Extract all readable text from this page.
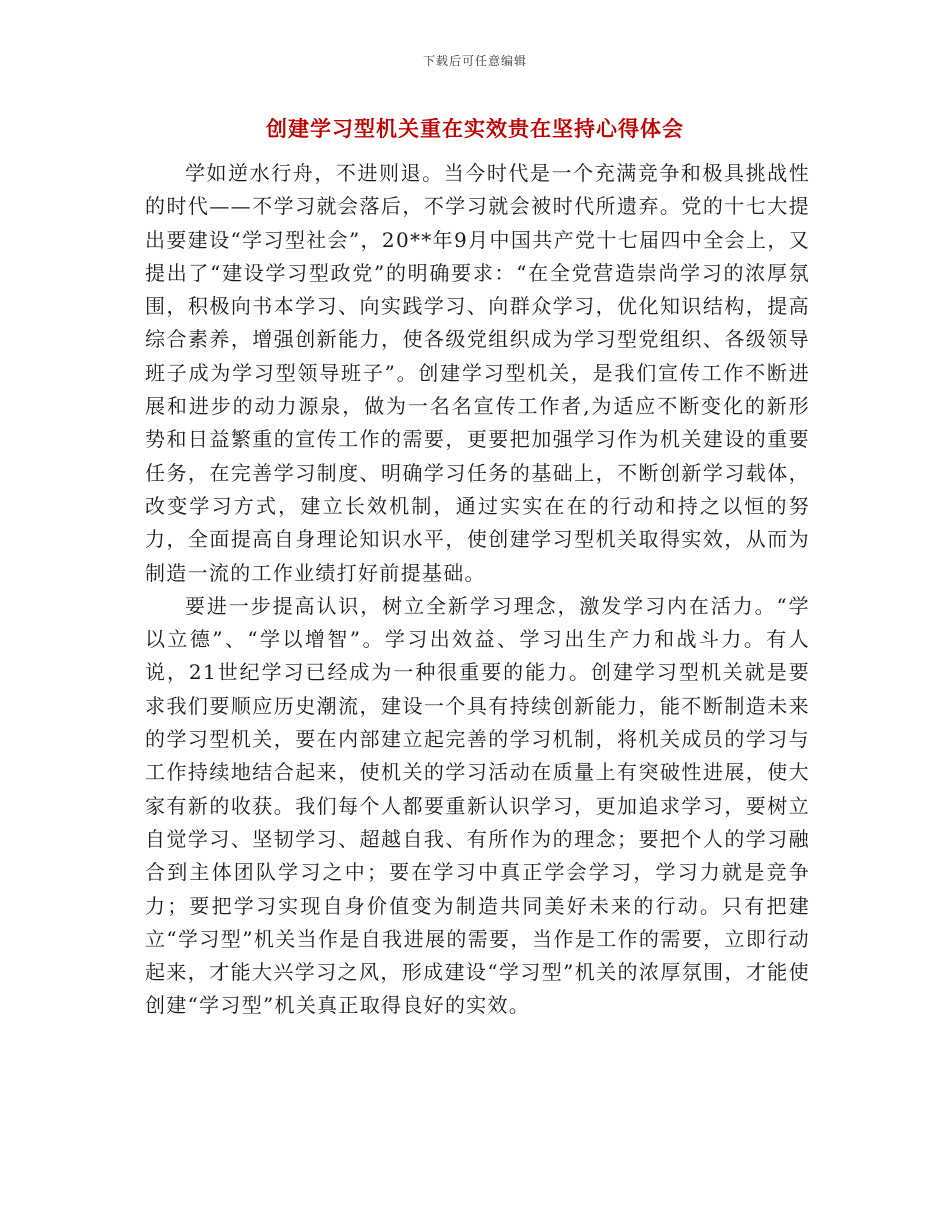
下载后可任意编辑
创建学习型机关重在实效贵在坚持心得体会

学如逆水行舟，不进则退。当今时代是一个充满竞争和极具挑战性的时代——不学习就会落后，不学习就会被时代所遗弃。党的十七大提出要建设“学习型社会”，20**年9月中国共产党十七届四中全会上，又提出了“建设学习型政党”的明确要求：“在全党营造崇尚学习的浓厚氛围，积极向书本学习、向实践学习、向群众学习，优化知识结构，提高综合素养，增强创新能力，使各级党组织成为学习型党组织、各级领导班子成为学习型领导班子”。创建学习型机关，是我们宣传工作不断进展和进步的动力源泉，做为一名名宣传工作者,为适应不断变化的新形势和日益繁重的宣传工作的需要，更要把加强学习作为机关建设的重要任务，在完善学习制度、明确学习任务的基础上，不断创新学习载体，改变学习方式，建立长效机制，通过实实在在的行动和持之以恒的努力，全面提高自身理论知识水平，使创建学习型机关取得实效，从而为制造一流的工作业绩打好前提基础。

要进一步提高认识，树立全新学习理念，激发学习内在活力。“学以立德”、“学以增智”。学习出效益、学习出生产力和战斗力。有人说，21世纪学习已经成为一种很重要的能力。创建学习型机关就是要求我们要顺应历史潮流，建设一个具有持续创新能力，能不断制造未来的学习型机关，要在内部建立起完善的学习机制，将机关成员的学习与工作持续地结合起来，使机关的学习活动在质量上有突破性进展，使大家有新的收获。我们每个人都要重新认识学习，更加追求学习，要树立自觉学习、坚韧学习、超越自我、有所作为的理念；要把个人的学习融合到主体团队学习之中；要在学习中真正学会学习，学习力就是竞争力；要把学习实现自身价值变为制造共同美好未来的行动。只有把建立“学习型”机关当作是自我进展的需要，当作是工作的需要，立即行动起来，才能大兴学习之风，形成建设“学习型”机关的浓厚氛围，才能使创建“学习型”机关真正取得良好的实效。
